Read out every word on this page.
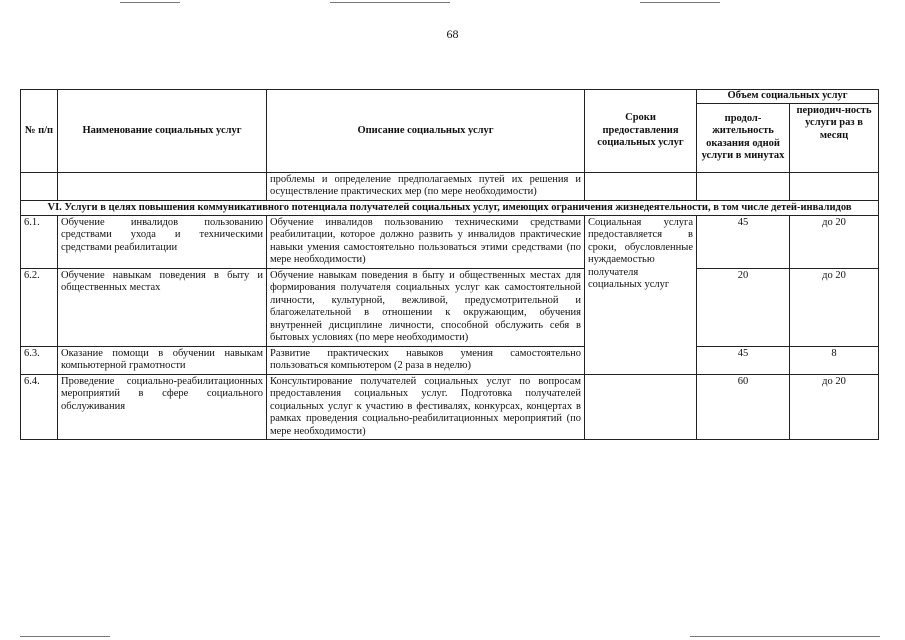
68
№ п/п	Наименование социальных услуг	Описание социальных услуг	Сроки предоставления социальных услуг	Объем социальных услуг	
				продол-жительность оказания одной услуги в минутах	периодич-ность услуги раз в месяц
		проблемы и определение предполагаемых путей их решения и осуществление практических мер (по мере необходимости)			
VI. Услуги в целях повышения коммуникативного потенциала получателей социальных услуг, имеющих ограничения жизнедеятельности, в том числе детей-инвалидов					
6.1.	Обучение инвалидов пользованию средствами ухода и техническими средствами реабилитации	Обучение инвалидов пользованию техническими средствами реабилитации, которое должно развить у инвалидов практические навыки умения самостоятельно пользоваться этими средствами (по мере необходимости)	Социальная услуга предоставляется в сроки, обусловленные нуждаемостью получателя социальных услуг	45	до 20
6.2.	Обучение навыкам поведения в быту и общественных местах	Обучение навыкам поведения в быту и общественных местах для формирования получателя социальных услуг как самостоятельной личности, культурной, вежливой, предусмотрительной и благожелательной в отношении к окружающим, обучения внутренней дисциплине личности, способной обслужить себя в бытовых условиях (по мере необходимости)		20	до 20
6.3.	Оказание помощи в обучении навыкам компьютерной грамотности	Развитие практических навыков умения самостоятельно пользоваться компьютером (2 раза в неделю)		45	8
6.4.	Проведение социально-реабилитационных мероприятий в сфере социального обслуживания	Консультирование получателей социальных услуг по вопросам предоставления социальных услуг. Подготовка получателей социальных услуг к участию в фестивалях, конкурсах, концертах в рамках проведения социально-реабилитационных мероприятий (по мере необходимости)		60	до 20
